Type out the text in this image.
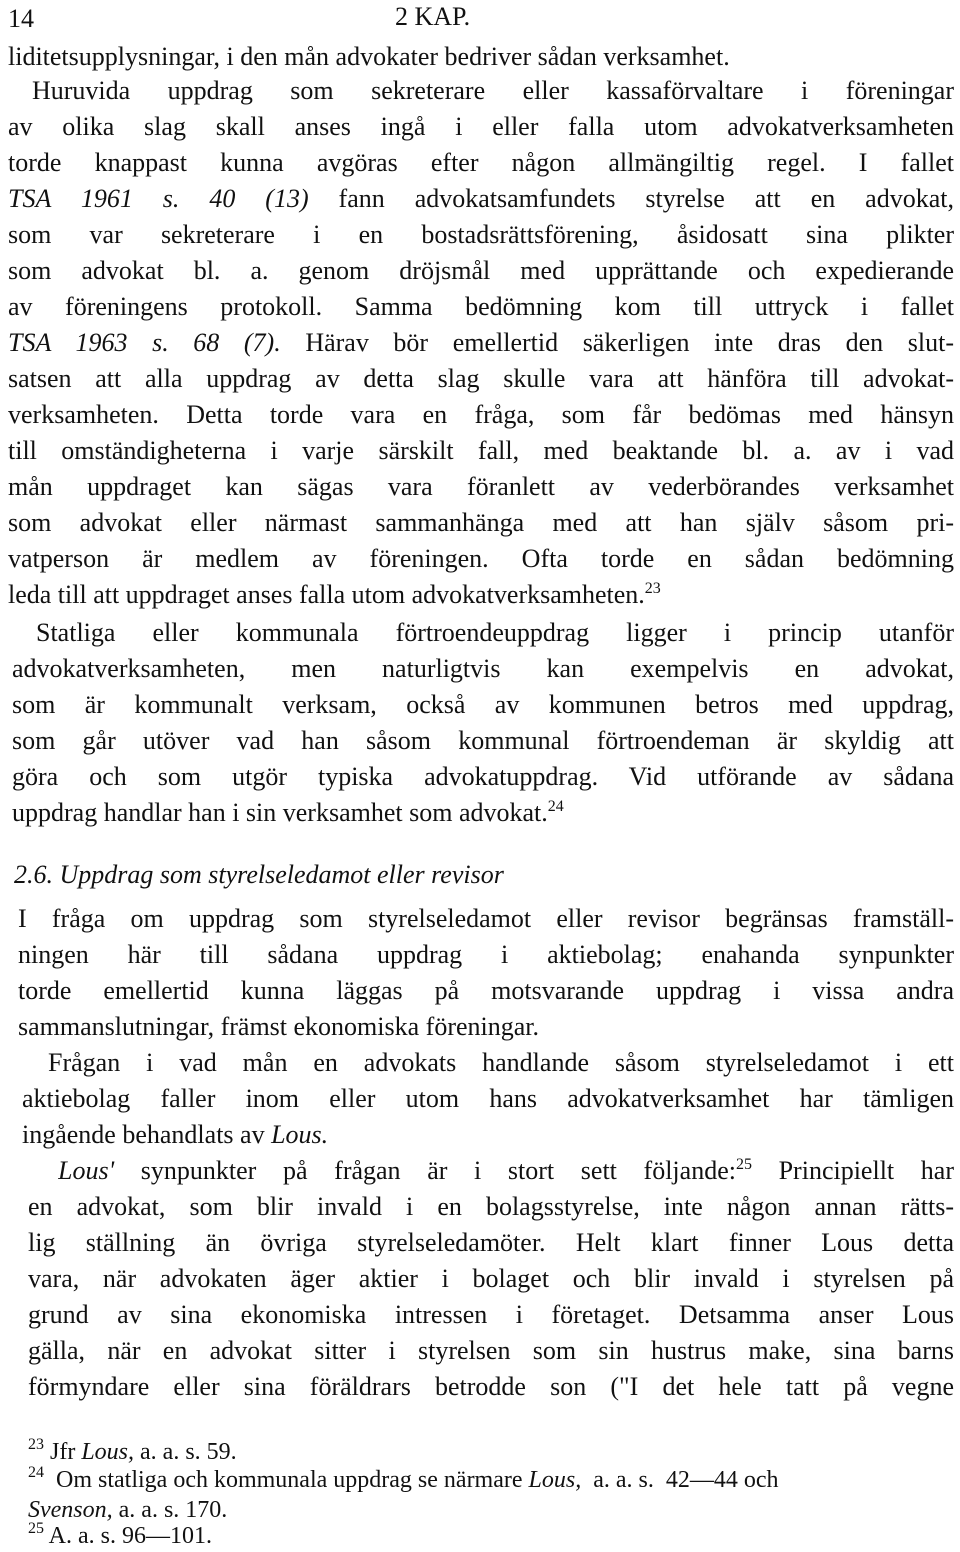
14	2 KAP.
liditetsupplysningar, i den mån advokater bedriver sådan verksamhet.
Huruvida uppdrag som sekreterare eller kassaförvaltare i föreningar
av olika slag skall anses ingå i eller falla utom advokatverksamheten
torde knappast kunna avgöras efter någon allmängiltig regel. I fallet
TSA 1961 s. 40 (13) fann advokatsamfundets styrelse att en advokat,
som var sekreterare i en bostadsrättsförening, åsidosatt sina plikter
som advokat bl. a. genom dröjsmål med upprättande och expedierande
av föreningens protokoll. Samma bedömning kom till uttryck i fallet
TSA 1963 s. 68 (7). Härav bör emellertid säkerligen inte dras den slut-
satsen att alla uppdrag av detta slag skulle vara att hänföra till advokat-
verksamheten. Detta torde vara en fråga, som får bedömas med hänsyn
till omständigheterna i varje särskilt fall, med beaktande bl. a. av i vad
mån uppdraget kan sägas vara föranlett av vederbörandes verksamhet
som advokat eller närmast sammanhänga med att han själv såsom pri-
vatperson är medlem av föreningen. Ofta torde en sådan bedömning
leda till att uppdraget anses falla utom advokatverksamheten.$^{23}$
Statliga eller kommunala förtroendeuppdrag ligger i princip utanför
advokatverksamheten, men naturligtvis kan exempelvis en advokat,
som är kommunalt verksam, också av kommunen betros med uppdrag,
som går utöver vad han såsom kommunal förtroendeman är skyldig att
göra och som utgör typiska advokatuppdrag. Vid utförande av sådana
uppdrag handlar han i sin verksamhet som advokat.$^{24}$
2.6. Uppdrag som styrelseledamot eller revisor
I fråga om uppdrag som styrelseledamot eller revisor begränsas framställ-
ningen här till sådana uppdrag i aktiebolag; enahanda synpunkter
torde emellertid kunna läggas på motsvarande uppdrag i vissa andra
sammanslutningar, främst ekonomiska föreningar.
Frågan i vad mån en advokats handlande såsom styrelseledamot i ett
aktiebolag faller inom eller utom hans advokatverksamhet har tämligen
ingående behandlats av Lous.
Lous' synpunkter på frågan är i stort sett följande:$^{25}$ Principiellt har
en advokat, som blir invald i en bolagsstyrelse, inte någon annan rätts-
lig ställning än övriga styrelseledamöter. Helt klart finner Lous detta
vara, när advokaten äger aktier i bolaget och blir invald i styrelsen på
grund av sina ekonomiska intressen i företaget. Detsamma anser Lous
gälla, när en advokat sitter i styrelsen som sin hustrus make, sina barns
förmyndare eller sina föräldrars betrodde son ("I det hele tatt på vegne
$^{23}$ Jfr Lous, a. a. s. 59.
$^{24}$  Om statliga och kommunala uppdrag se närmare Lous,  a. a. s.  42—44 och
Svenson, a. a. s. 170.
$^{25}$ A. a. s. 96—101.
